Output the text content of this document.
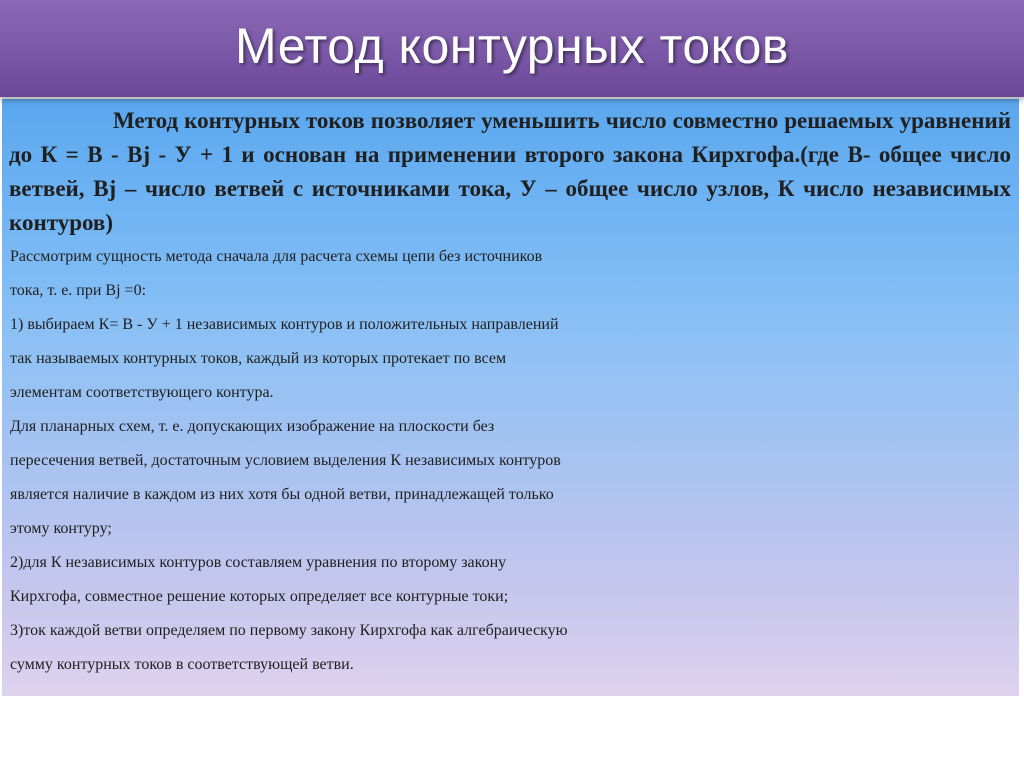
Метод контурных токов

Метод контурных токов позволяет уменьшить число совместно решаемых уравнений до К = В - Bj - У + 1 и основан на применении второго закона Кирхгофа.(где В- общее число ветвей, Bj – число ветвей с источниками тока, У – общее число узлов, К число независимых контуров)

Рассмотрим сущность метода сначала для расчета схемы цепи без источников

тока, т. е. при Bj =0:

1) выбираем К= В - У + 1 независимых контуров и положительных направлений

так называемых контурных токов, каждый из которых протекает по всем

элементам соответствующего контура.

Для планарных схем, т. е. допускающих изображение на плоскости без

пересечения ветвей, достаточным условием выделения К независимых контуров

является наличие в каждом из них хотя бы одной ветви, принадлежащей только

этому контуру;

2)для К независимых контуров составляем уравнения по второму закону

Кирхгофа, совместное решение которых определяет все контурные токи;

3)ток каждой ветви определяем по первому закону Кирхгофа как алгебраическую

сумму контурных токов в соответствующей ветви.
